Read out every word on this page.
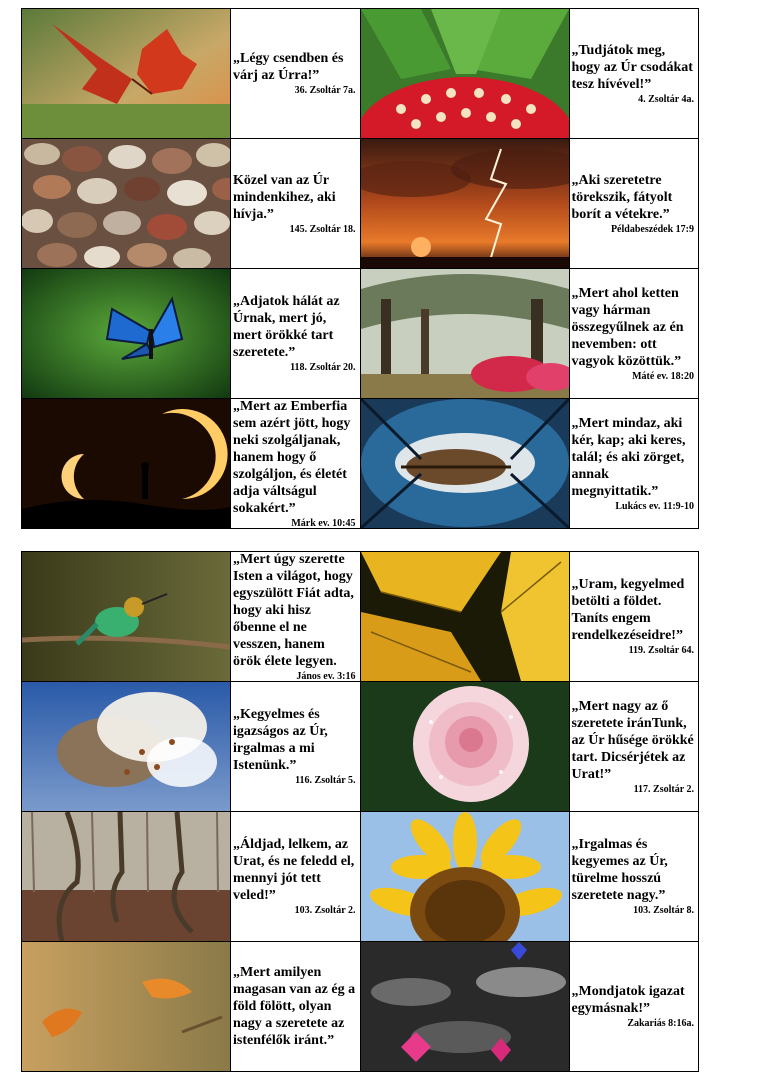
„Légy csendben és várj az Úrra!”
36. Zsoltár 7a.
„Tudjátok meg, hogy az Úr csodákat tesz hívével!”
4. Zsoltár 4a.
Közel van az Úr mindenkihez, aki hívja.”
145. Zsoltár 18.
„Aki szeretetre törekszik, fátyolt borít a vétekre.”
Példabeszédek 17:9
„Adjatok hálát az Úrnak, mert jó, mert örökké tart szeretete.”
118. Zsoltár 20.
„Mert ahol ketten vagy hárman összegyűlnek az én nevemben: ott vagyok közöttük.”
Máté ev. 18:20
„Mert az Emberfia sem azért jött, hogy neki szolgáljanak, hanem hogy ő szolgáljon, és életét adja váltságul sokakért.”
Márk ev. 10:45
„Mert mindaz, aki kér, kap; aki keres, talál; és aki zörget, annak megnyittatik.”
Lukács ev. 11:9-10
„Mert úgy szerette Isten a világot, hogy egyszülött Fiát adta, hogy aki hisz őbenne el ne vesszen, hanem örök élete legyen.
János ev. 3:16
„Uram, kegyelmed betölti a földet. Taníts engem rendelkezéseidre!”
119. Zsoltár 64.
„Kegyelmes és igazságos az Úr, irgalmas a mi Istenünk.”
116. Zsoltár 5.
„Mert nagy az ő szeretete iránTunk, az Úr hűsége örökké tart. Dicsérjétek az Urat!”
117. Zsoltár 2.
„Áldjad, lelkem, az Urat, és ne feledd el, mennyi jót tett veled!”
103. Zsoltár 2.
„Irgalmas és kegyemes az Úr, türelme hosszú szeretete nagy.”
103. Zsoltár 8.
„Mert amilyen magasan van az ég a föld fölött, olyan nagy a szeretete az istenfélők iránt.”
„Mondjatok igazat egymásnak!”
Zakariás 8:16a.
